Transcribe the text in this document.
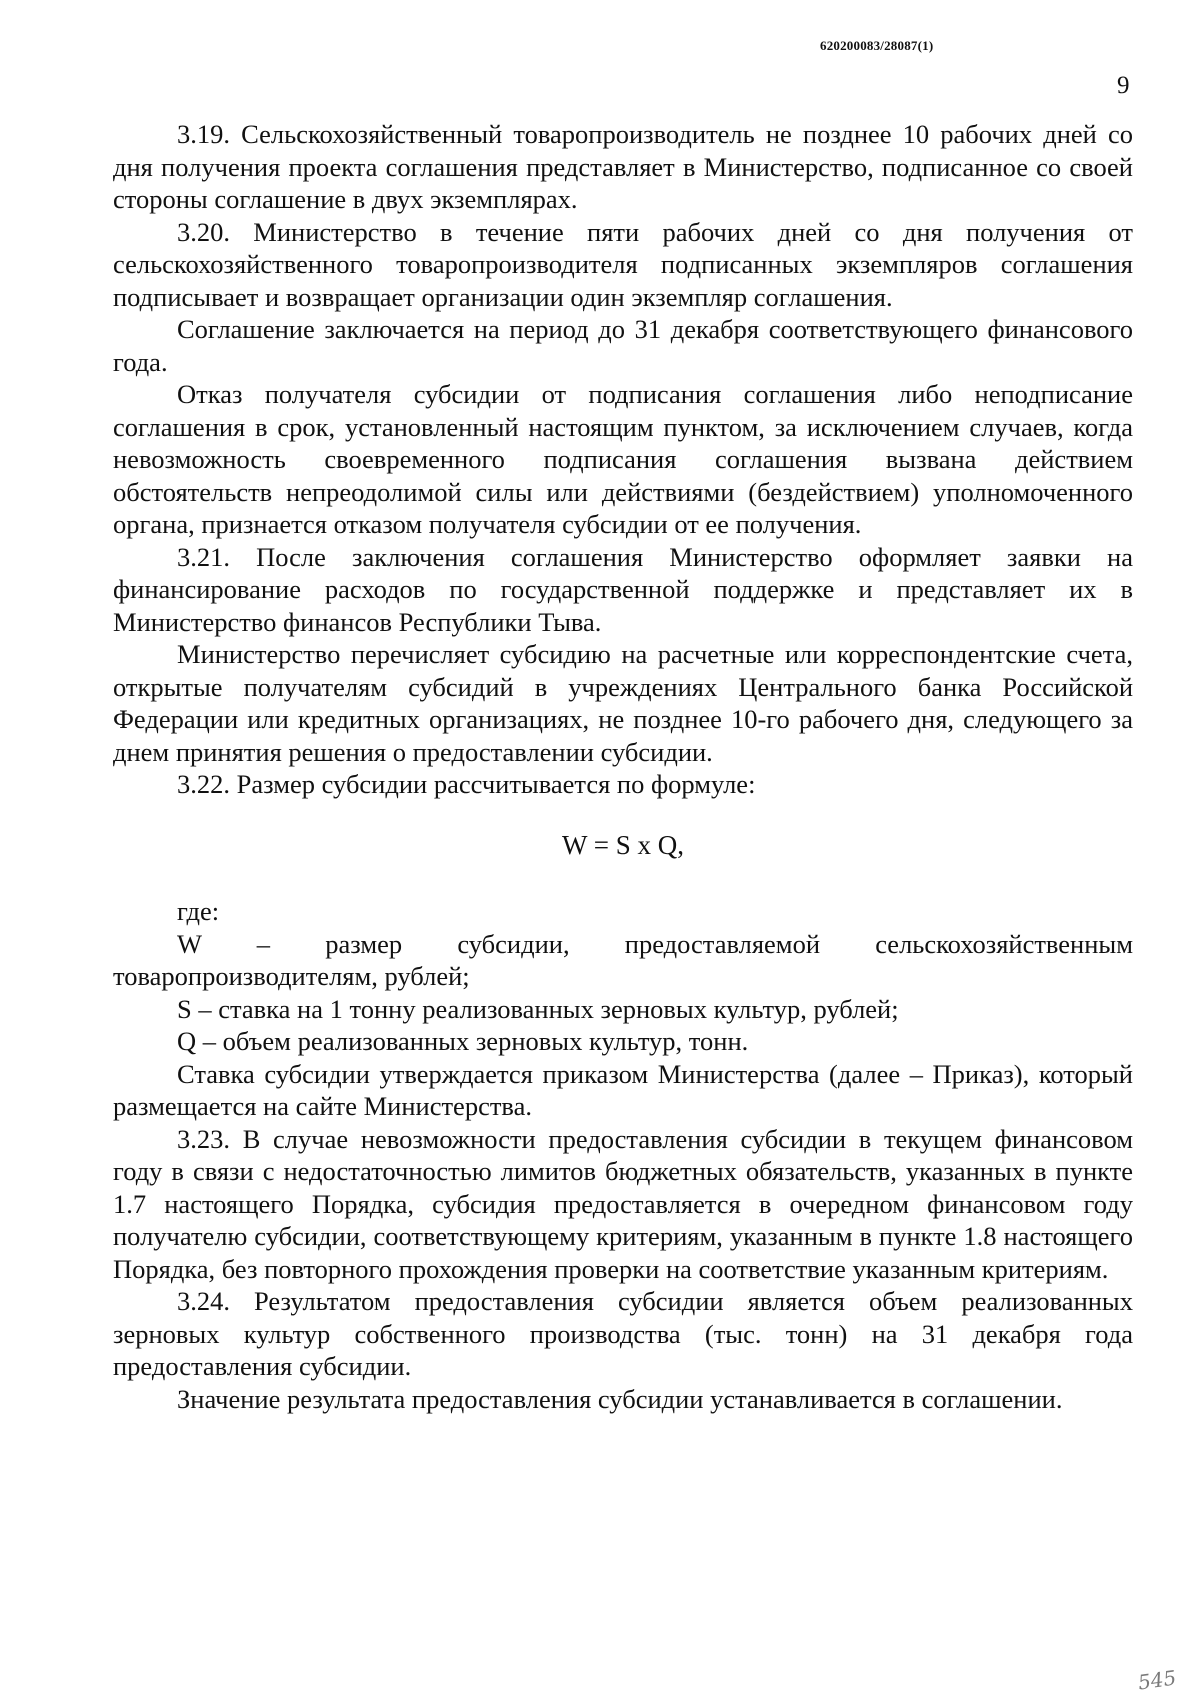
620200083/28087(1)
9

3.19. Сельскохозяйственный товаропроизводитель не позднее 10 рабочих дней со дня получения проекта соглашения представляет в Министерство, подписанное со своей стороны соглашение в двух экземплярах.

3.20. Министерство в течение пяти рабочих дней со дня получения от сельскохозяйственного товаропроизводителя подписанных экземпляров соглашения подписывает и возвращает организации один экземпляр соглашения.

Соглашение заключается на период до 31 декабря соответствующего финансового года.

Отказ получателя субсидии от подписания соглашения либо неподписание соглашения в срок, установленный настоящим пунктом, за исключением случаев, когда невозможность своевременного подписания соглашения вызвана действием обстоятельств непреодолимой силы или действиями (бездействием) уполномоченного органа, признается отказом получателя субсидии от ее получения.

3.21. После заключения соглашения Министерство оформляет заявки на финансирование расходов по государственной поддержке и представляет их в Министерство финансов Республики Тыва.

Министерство перечисляет субсидию на расчетные или корреспондентские счета, открытые получателям субсидий в учреждениях Центрального банка Российской Федерации или кредитных организациях, не позднее 10-го рабочего дня, следующего за днем принятия решения о предоставлении субсидии.

3.22. Размер субсидии рассчитывается по формуле:

W = S x Q,

где:

W – размер субсидии, предоставляемой сельскохозяйственным товаропроизводителям, рублей;

S – ставка на 1 тонну реализованных зерновых культур, рублей;

Q – объем реализованных зерновых культур, тонн.

Ставка субсидии утверждается приказом Министерства (далее – Приказ), который размещается на сайте Министерства.

3.23. В случае невозможности предоставления субсидии в текущем финансовом году в связи с недостаточностью лимитов бюджетных обязательств, указанных в пункте 1.7 настоящего Порядка, субсидия предоставляется в очередном финансовом году получателю субсидии, соответствующему критериям, указанным в пункте 1.8 настоящего Порядка, без повторного прохождения проверки на соответствие указанным критериям.

3.24. Результатом предоставления субсидии является объем реализованных зерновых культур собственного производства (тыс. тонн) на 31 декабря года предоставления субсидии.

Значение результата предоставления субсидии устанавливается в соглашении.

545
